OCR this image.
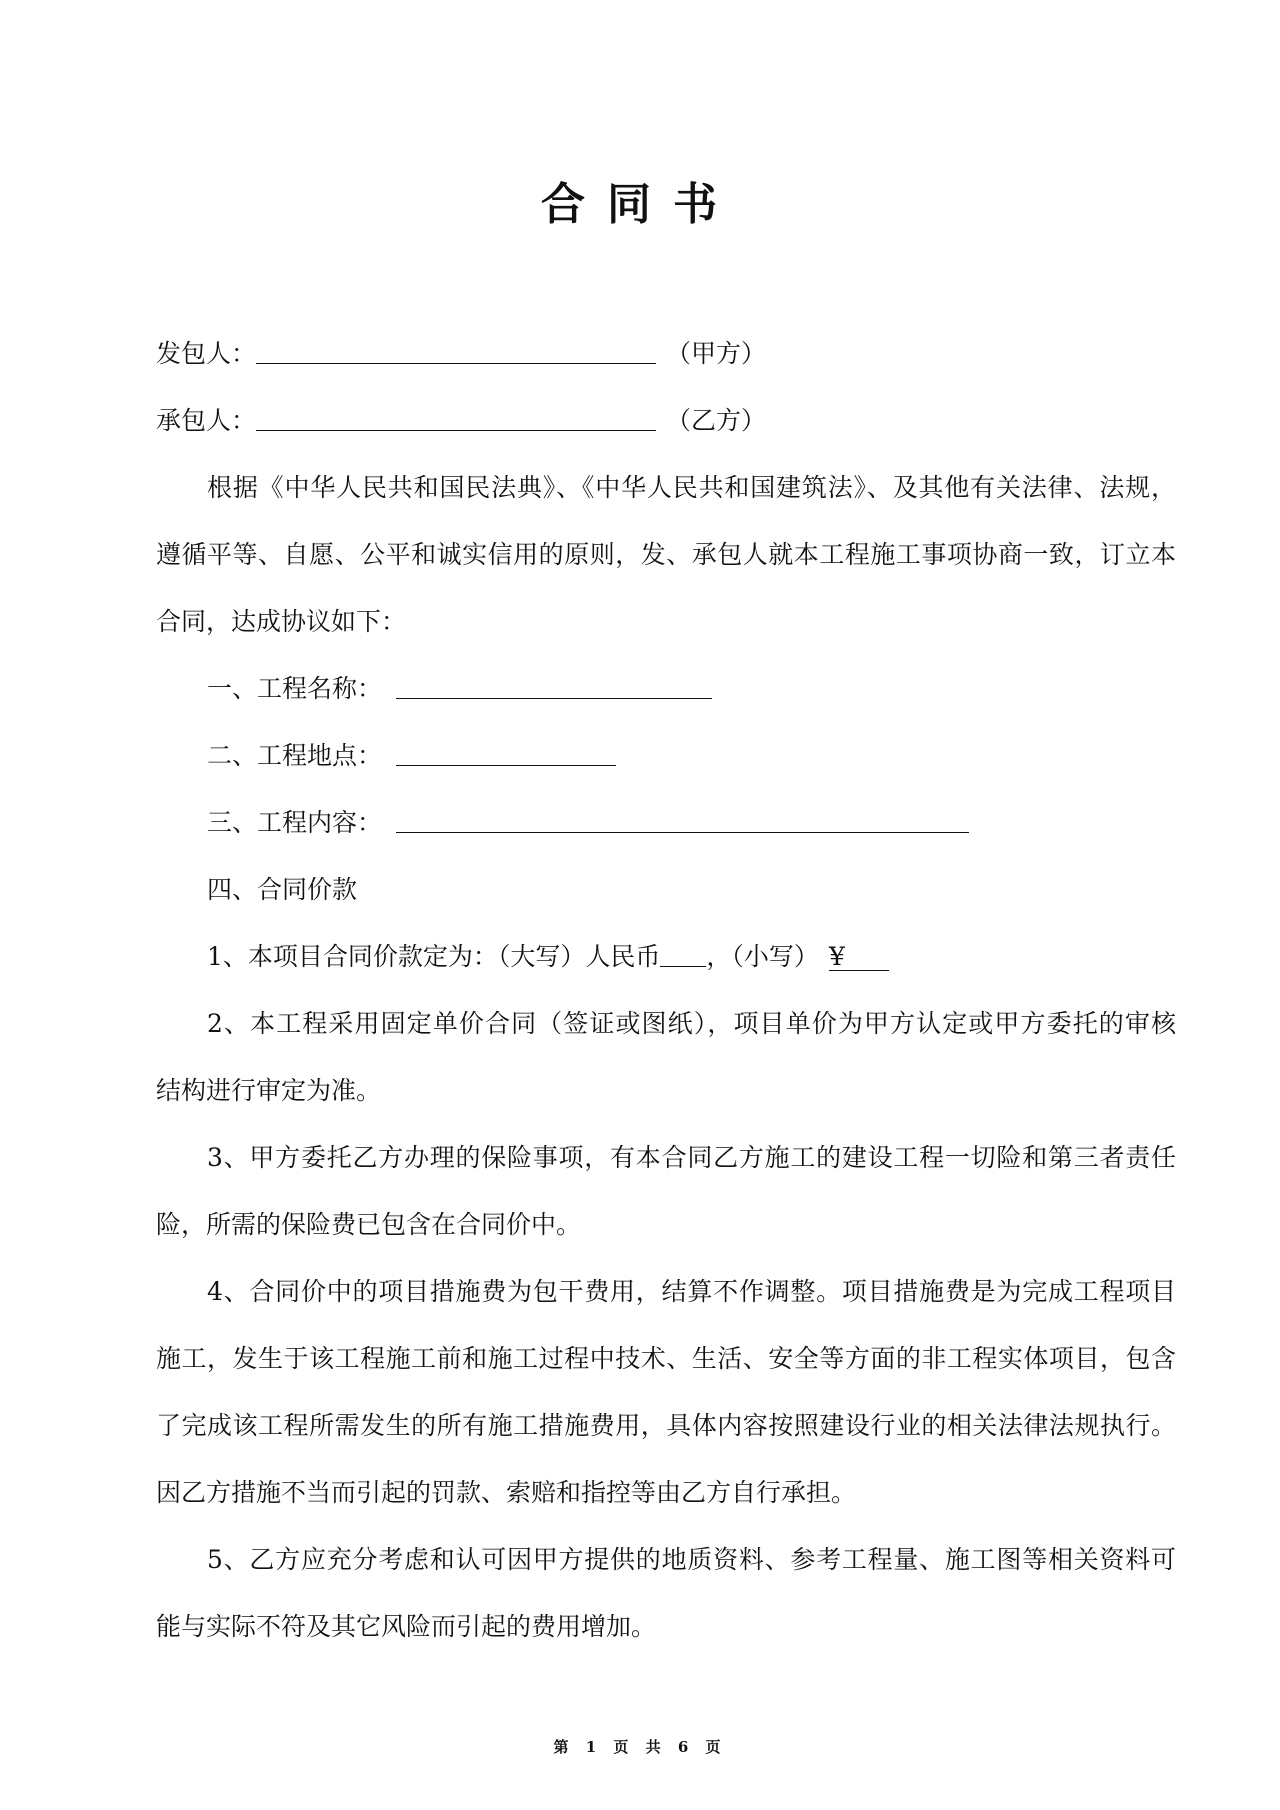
合同书
发包人：	（甲方）
承包人：	（乙方）
根据《中华人民共和国民法典》、《中华人民共和国建筑法》、及其他有关法律、法规，
遵循平等、自愿、公平和诚实信用的原则，发、承包人就本工程施工事项协商一致，订立本
合同，达成协议如下：
一、工程名称：
二、工程地点：
三、工程内容：
四、合同价款
1、本项目合同价款定为：（大写）人民币 ，（小写） ¥
2、本工程采用固定单价合同（签证或图纸），项目单价为甲方认定或甲方委托的审核
结构进行审定为准。
3、甲方委托乙方办理的保险事项，有本合同乙方施工的建设工程一切险和第三者责任
险，所需的保险费已包含在合同价中。
4、合同价中的项目措施费为包干费用，结算不作调整。项目措施费是为完成工程项目
施工，发生于该工程施工前和施工过程中技术、生活、安全等方面的非工程实体项目，包含
了完成该工程所需发生的所有施工措施费用，具体内容按照建设行业的相关法律法规执行。
因乙方措施不当而引起的罚款、索赔和指控等由乙方自行承担。
5、乙方应充分考虑和认可因甲方提供的地质资料、参考工程量、施工图等相关资料可
能与实际不符及其它风险而引起的费用增加。
第 1 页 共 6 页
